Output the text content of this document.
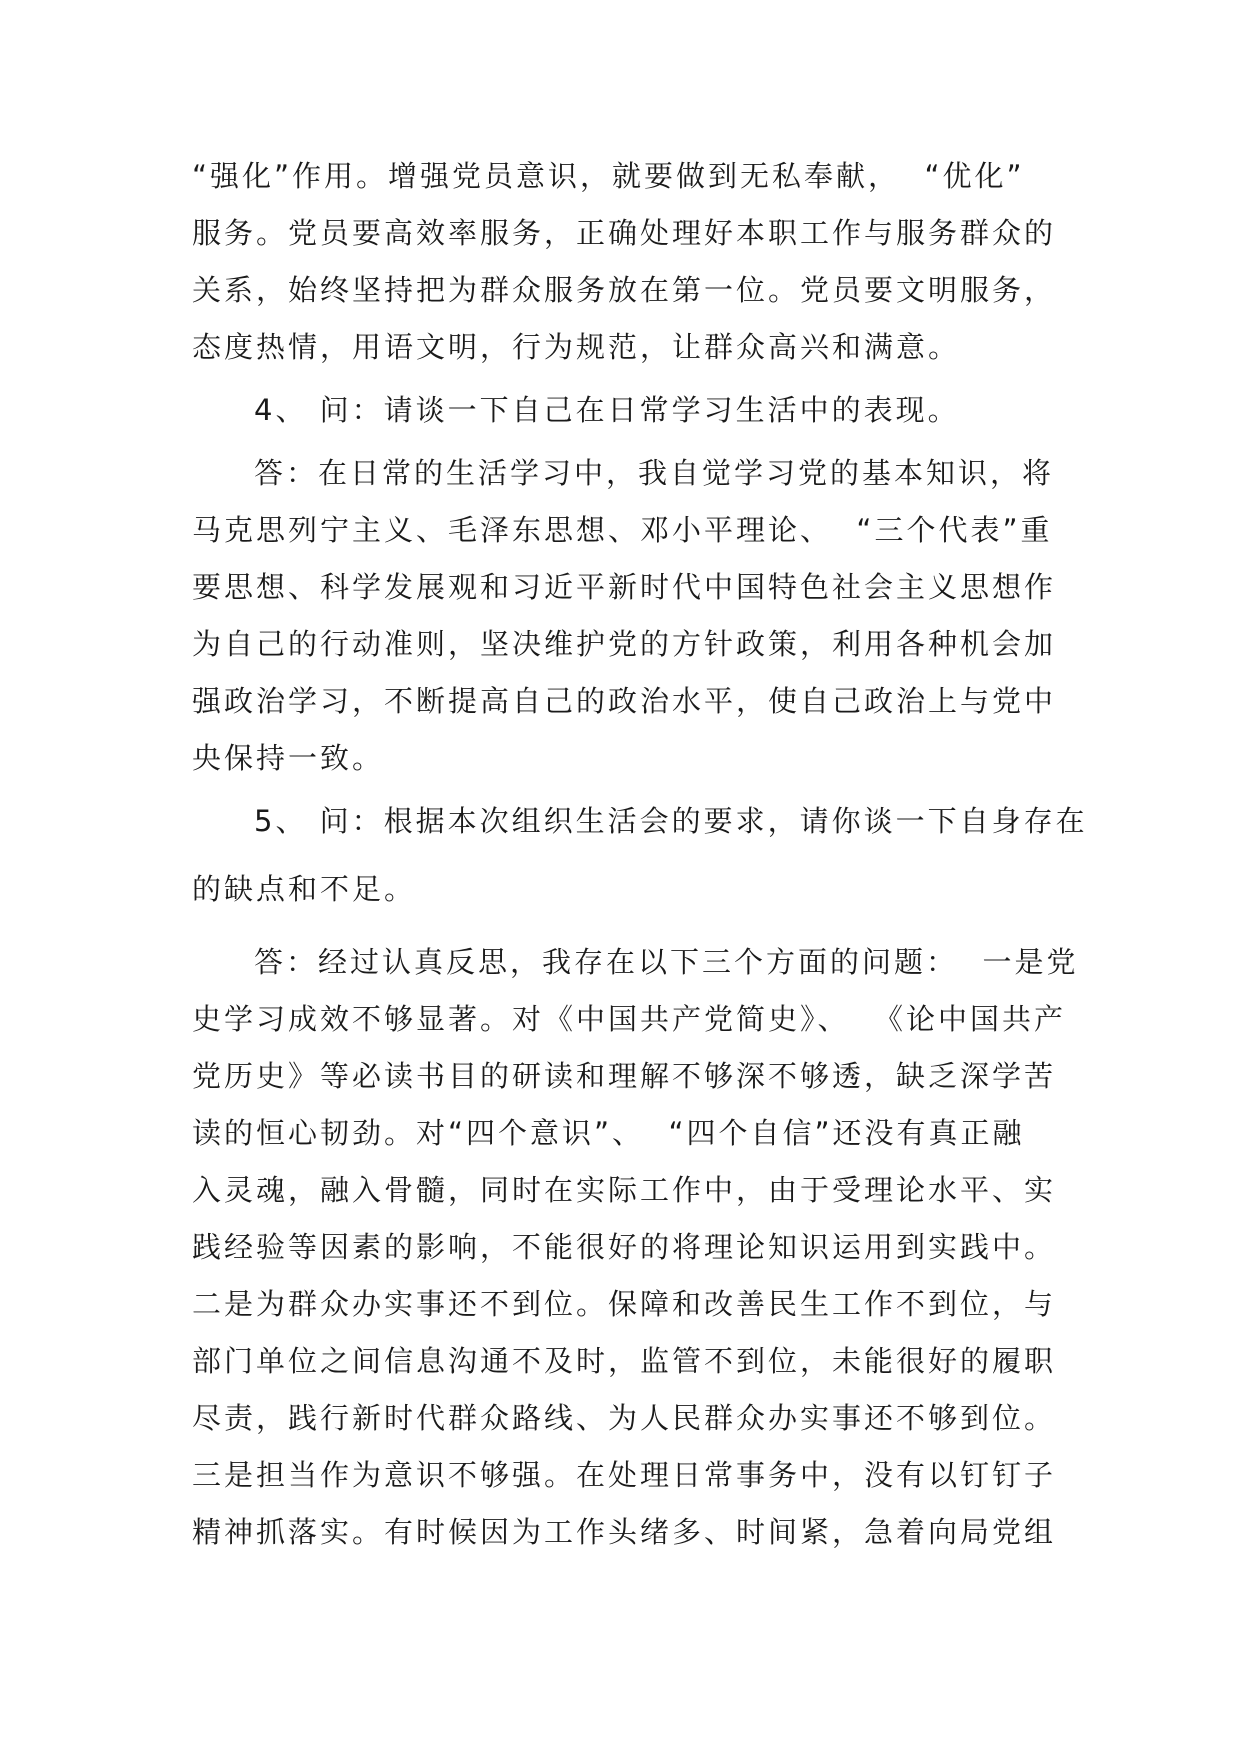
“强化”作用。增强党员意识，就要做到无私奉献，  “优化”
服务。党员要高效率服务，正确处理好本职工作与服务群众的
关系，始终坚持把为群众服务放在第一位。党员要文明服务，
态度热情，用语文明，行为规范，让群众高兴和满意。
4、 问：请谈一下自己在日常学习生活中的表现。
答：在日常的生活学习中，我自觉学习党的基本知识，将
马克思列宁主义、毛泽东思想、邓小平理论、  “三个代表”重
要思想、科学发展观和习近平新时代中国特色社会主义思想作
为自己的行动准则，坚决维护党的方针政策，利用各种机会加
强政治学习，不断提高自己的政治水平，使自己政治上与党中
央保持一致。
5、 问：根据本次组织生活会的要求，请你谈一下自身存在
的缺点和不足。
答：经过认真反思，我存在以下三个方面的问题：  一是党
史学习成效不够显著。对《中国共产党简史》、  《论中国共产
党历史》等必读书目的研读和理解不够深不够透，缺乏深学苦
读的恒心韧劲。对“四个意识”、  “四个自信”还没有真正融
入灵魂，融入骨髓，同时在实际工作中，由于受理论水平、实
践经验等因素的影响，不能很好的将理论知识运用到实践中。
二是为群众办实事还不到位。保障和改善民生工作不到位，与
部门单位之间信息沟通不及时，监管不到位，未能很好的履职
尽责，践行新时代群众路线、为人民群众办实事还不够到位。
三是担当作为意识不够强。在处理日常事务中，没有以钉钉子
精神抓落实。有时候因为工作头绪多、时间紧，急着向局党组
